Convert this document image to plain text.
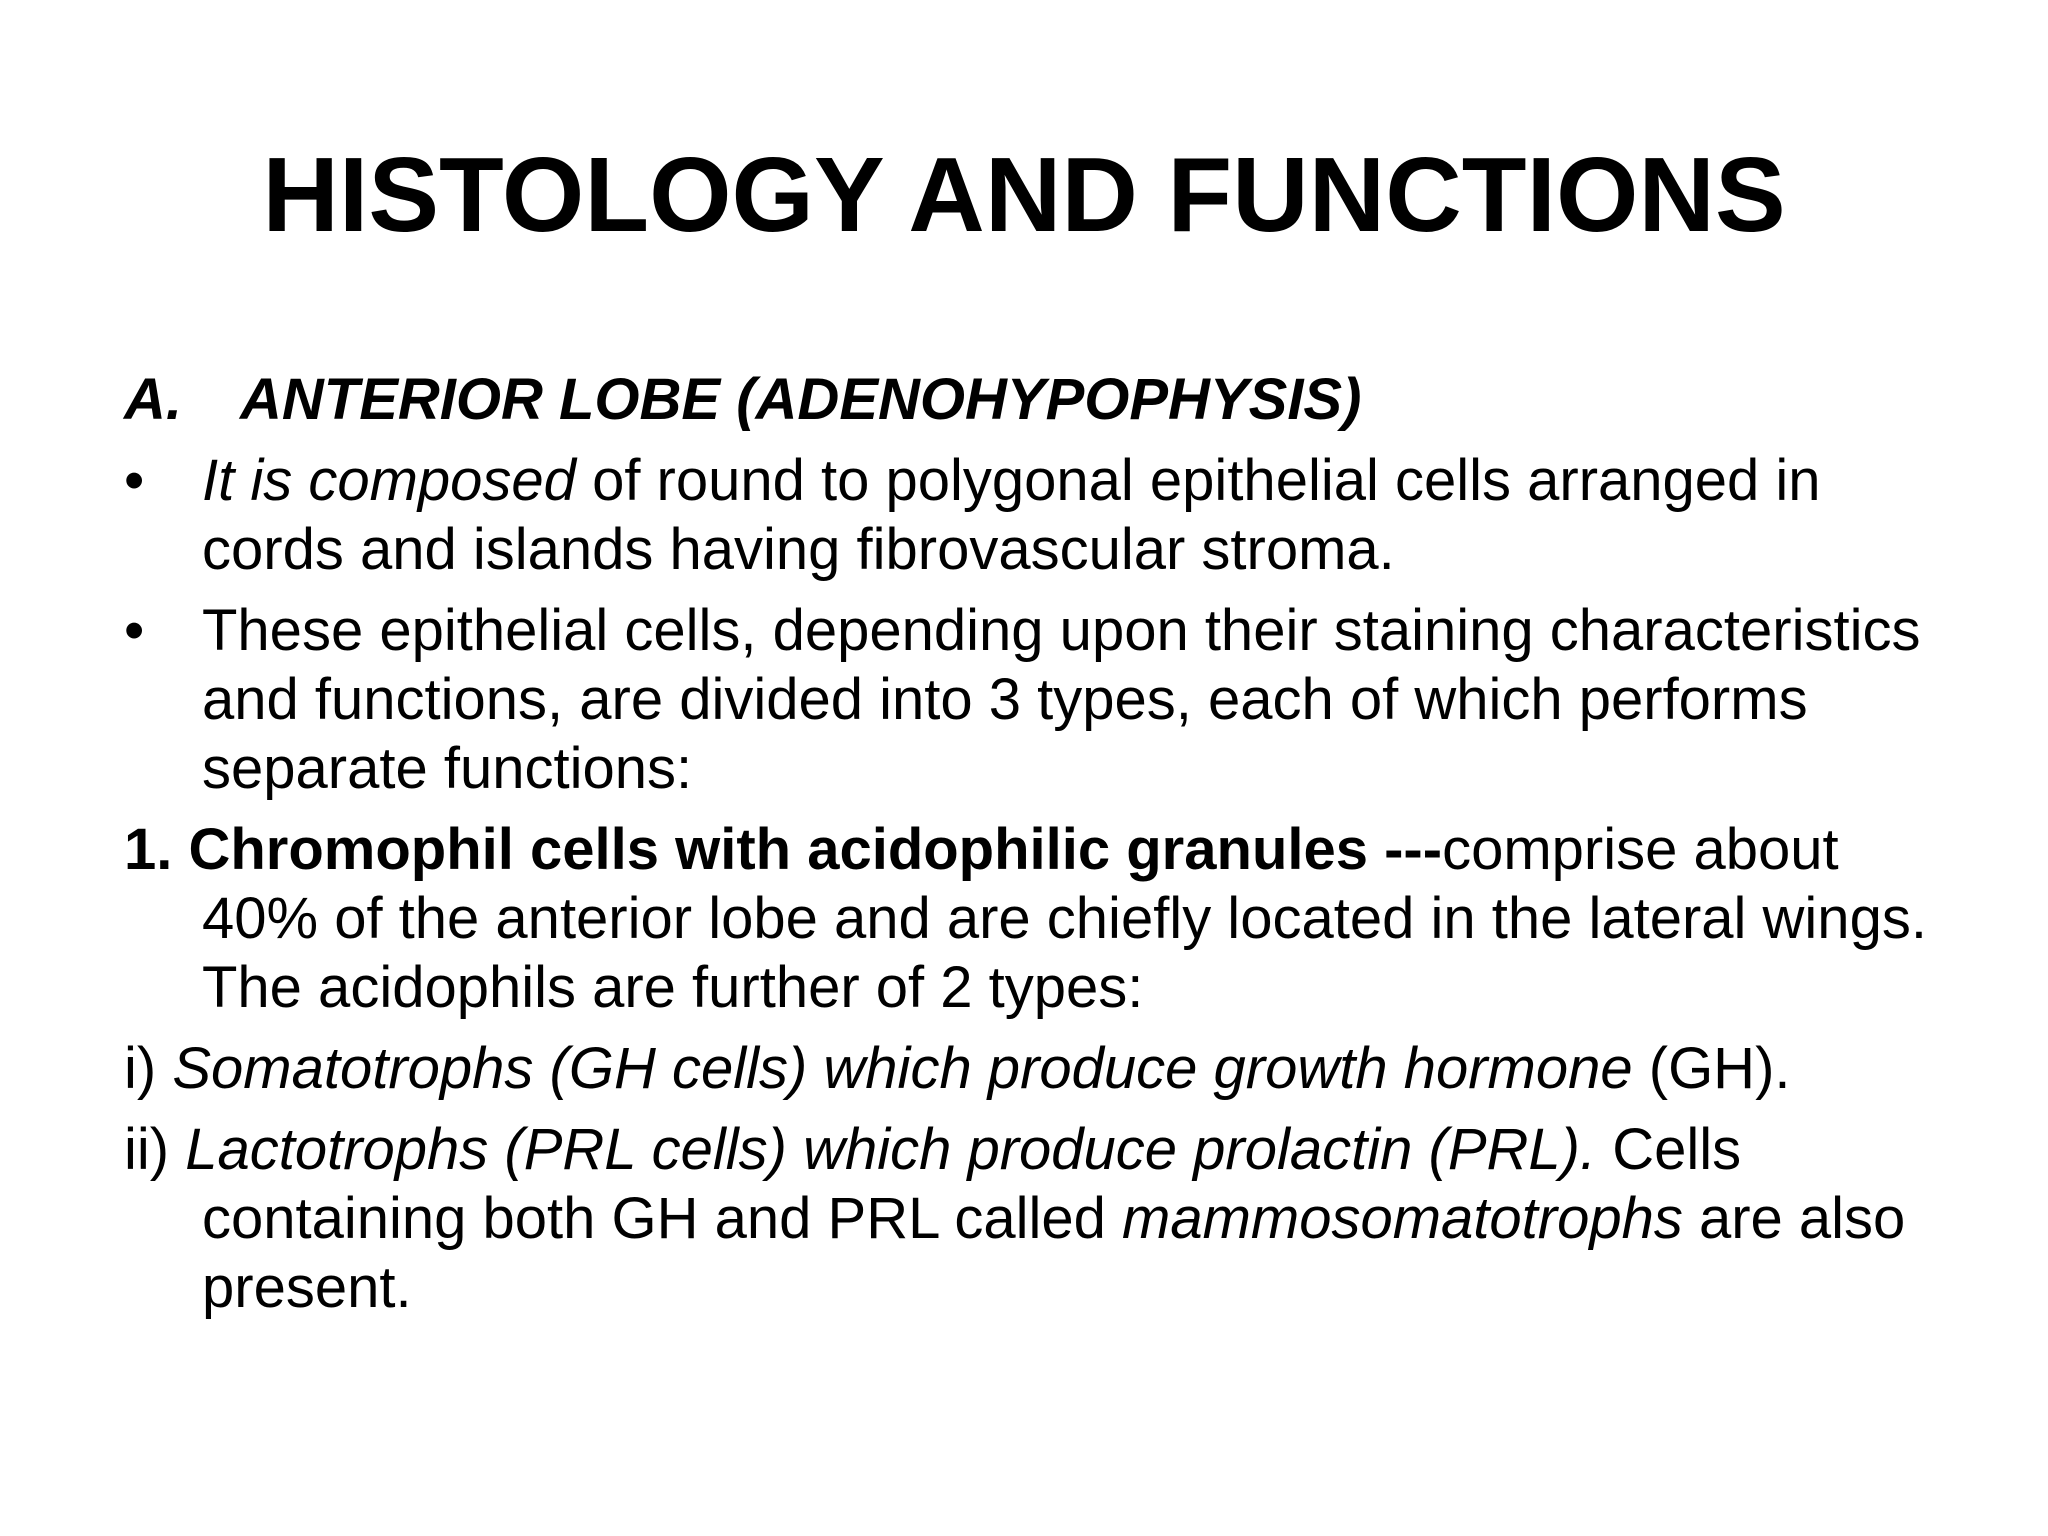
HISTOLOGY AND FUNCTIONS
A. ANTERIOR LOBE (ADENOHYPOPHYSIS)
• It is composed of round to polygonal epithelial cells arranged in cords and islands having fibrovascular stroma.
• These epithelial cells, depending upon their staining characteristics and functions, are divided into 3 types, each of which performs separate functions:
1. Chromophil cells with acidophilic granules ---comprise about 40% of the anterior lobe and are chiefly located in the lateral wings. The acidophils are further of 2 types:
i) Somatotrophs (GH cells) which produce growth hormone (GH).
ii) Lactotrophs (PRL cells) which produce prolactin (PRL). Cells containing both GH and PRL called mammosomatotrophs are also present.
